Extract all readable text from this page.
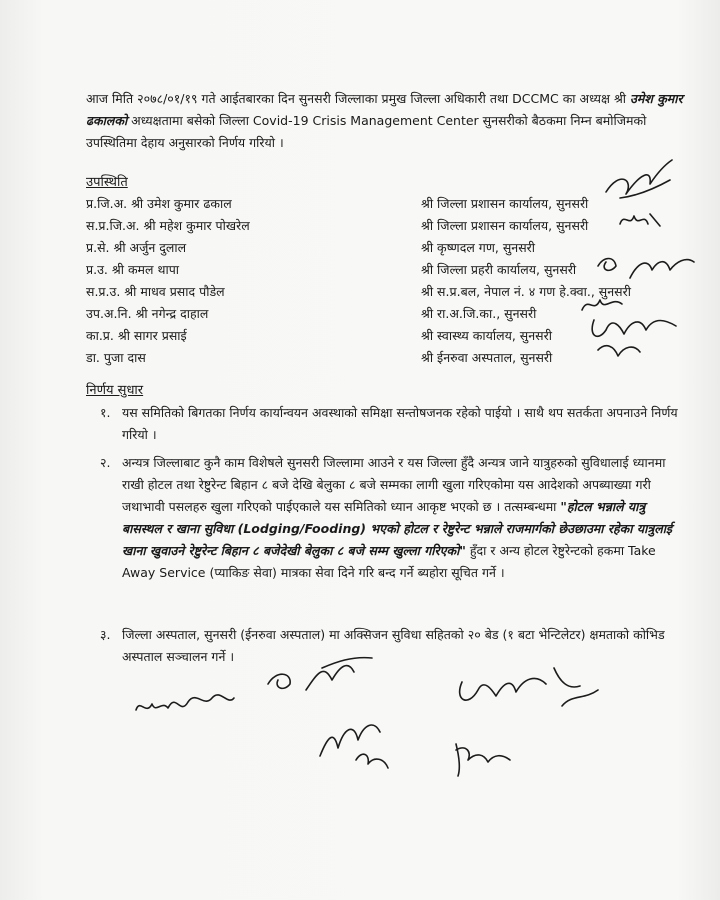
आज मिति २०७८/०१/१९ गते आईतबारका दिन सुनसरी जिल्लाका प्रमुख जिल्ला अधिकारी तथा DCCMC का अध्यक्ष श्री उमेश कुमार ढकालको अध्यक्षतामा बसेको जिल्ला Covid-19 Crisis Management Center सुनसरीको बैठकमा निम्न बमोजिमको उपस्थितिमा देहाय अनुसारको निर्णय गरियो ।
उपस्थिति
प्र.जि.अ. श्री उमेश कुमार ढकाल	श्री जिल्ला प्रशासन कार्यालय, सुनसरी
स.प्र.जि.अ. श्री महेश कुमार पोखरेल	श्री जिल्ला प्रशासन कार्यालय, सुनसरी
प्र.से. श्री अर्जुन दुलाल	श्री कृष्णदल गण, सुनसरी
प्र.उ. श्री कमल थापा	श्री जिल्ला प्रहरी कार्यालय, सुनसरी
स.प्र.उ. श्री माधव प्रसाद पौडेल	श्री स.प्र.बल, नेपाल नं. ४ गण हे.क्वा., सुनसरी
उप.अ.नि. श्री नगेन्द्र दाहाल	श्री रा.अ.जि.का., सुनसरी
का.प्र. श्री सागर प्रसाई	श्री स्वास्थ्य कार्यालय, सुनसरी
डा. पुजा दास	श्री ईनरुवा अस्पताल, सुनसरी
निर्णय सुधार
१. यस समितिको बिगतका निर्णय कार्यान्वयन अवस्थाको समिक्षा सन्तोषजनक रहेको पाईयो । साथै थप सतर्कता अपनाउने निर्णय गरियो ।
२. अन्यत्र जिल्लाबाट कुनै काम विशेषले सुनसरी जिल्लामा आउने र यस जिल्ला हुँदै अन्यत्र जाने यात्रुहरुको सुविधालाई ध्यानमा राखी होटल तथा रेष्टुरेन्ट बिहान ८ बजे देखि बेलुका ८ बजे सम्मका लागी खुला गरिएकोमा यस आदेशको अपब्याख्या गरी जथाभावी पसलहरु खुला गरिएको पाईएकाले यस समितिको ध्यान आकृष्ट भएको छ । तत्सम्बन्धमा "होटल भन्नाले यात्रु बासस्थल र खाना सुविधा (Lodging/Fooding) भएको होटल र रेष्टुरेन्ट भन्नाले राजमार्गको छेउछाउमा रहेका यात्रुलाई खाना खुवाउने रेष्टुरेन्ट बिहान ८ बजेदेखी बेलुका ८ बजे सम्म खुल्ला गरिएको" हुँदा र अन्य होटल रेष्टुरेन्टको हकमा Take Away Service (प्याकिङ सेवा) मात्रका सेवा दिने गरि बन्द गर्ने ब्यहोरा सूचित गर्ने ।
३. जिल्ला अस्पताल, सुनसरी (ईनरुवा अस्पताल) मा अक्सिजन सुविधा सहितको २० बेड (१ बटा भेन्टिलेटर) क्षमताको कोभिड अस्पताल सञ्चालन गर्ने ।
